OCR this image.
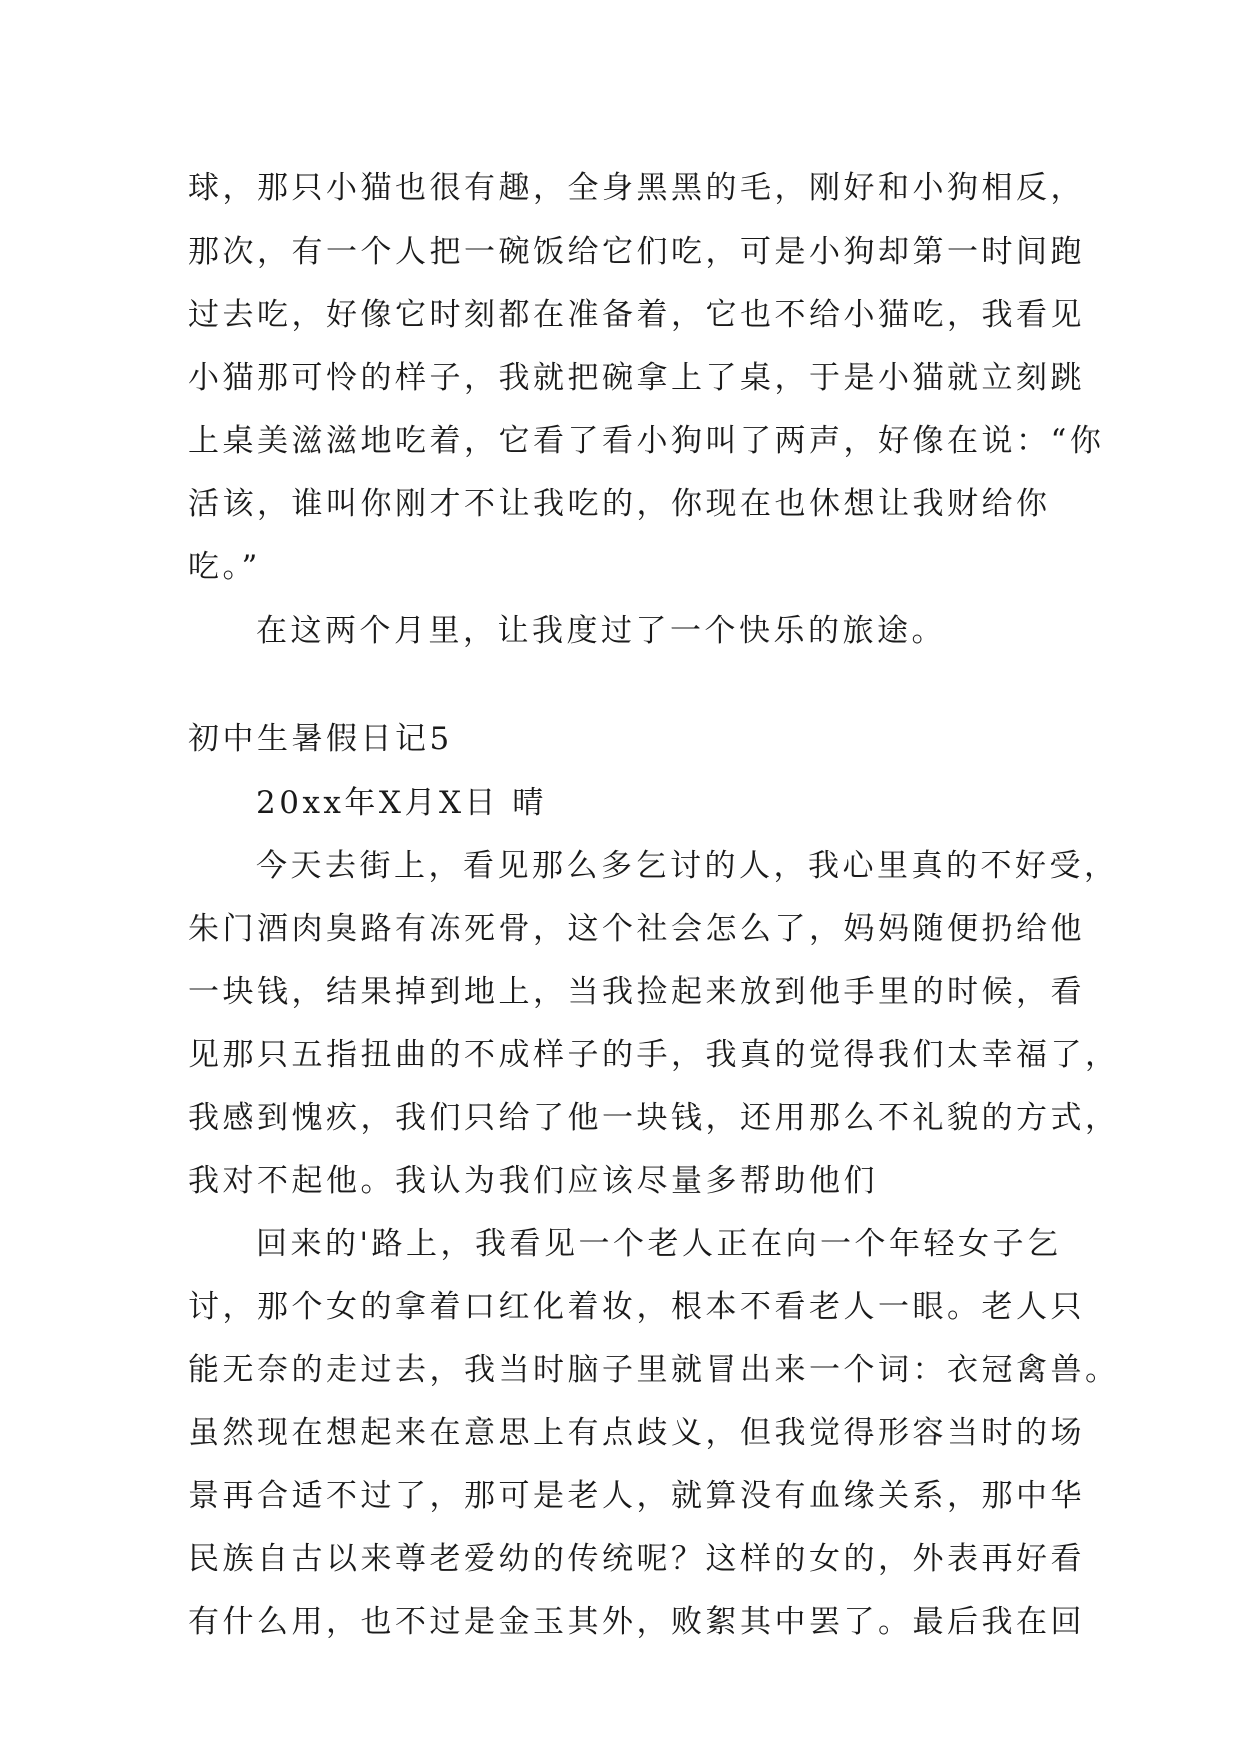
球，那只小猫也很有趣，全身黑黑的毛，刚好和小狗相反，
那次，有一个人把一碗饭给它们吃，可是小狗却第一时间跑
过去吃，好像它时刻都在准备着，它也不给小猫吃，我看见
小猫那可怜的样子，我就把碗拿上了桌，于是小猫就立刻跳
上桌美滋滋地吃着，它看了看小狗叫了两声，好像在说：“你
活该，谁叫你刚才不让我吃的，你现在也休想让我财给你
吃。”
在这两个月里，让我度过了一个快乐的旅途。
初中生暑假日记5
20xx年X月X日 晴
今天去街上，看见那么多乞讨的人，我心里真的不好受，
朱门酒肉臭路有冻死骨，这个社会怎么了，妈妈随便扔给他
一块钱，结果掉到地上，当我捡起来放到他手里的时候，看
见那只五指扭曲的不成样子的手，我真的觉得我们太幸福了，
我感到愧疚，我们只给了他一块钱，还用那么不礼貌的方式，
我对不起他。我认为我们应该尽量多帮助他们
回来的'路上，我看见一个老人正在向一个年轻女子乞
讨，那个女的拿着口红化着妆，根本不看老人一眼。老人只
能无奈的走过去，我当时脑子里就冒出来一个词：衣冠禽兽。
虽然现在想起来在意思上有点歧义，但我觉得形容当时的场
景再合适不过了，那可是老人，就算没有血缘关系，那中华
民族自古以来尊老爱幼的传统呢？这样的女的，外表再好看
有什么用，也不过是金玉其外，败絮其中罢了。最后我在回
